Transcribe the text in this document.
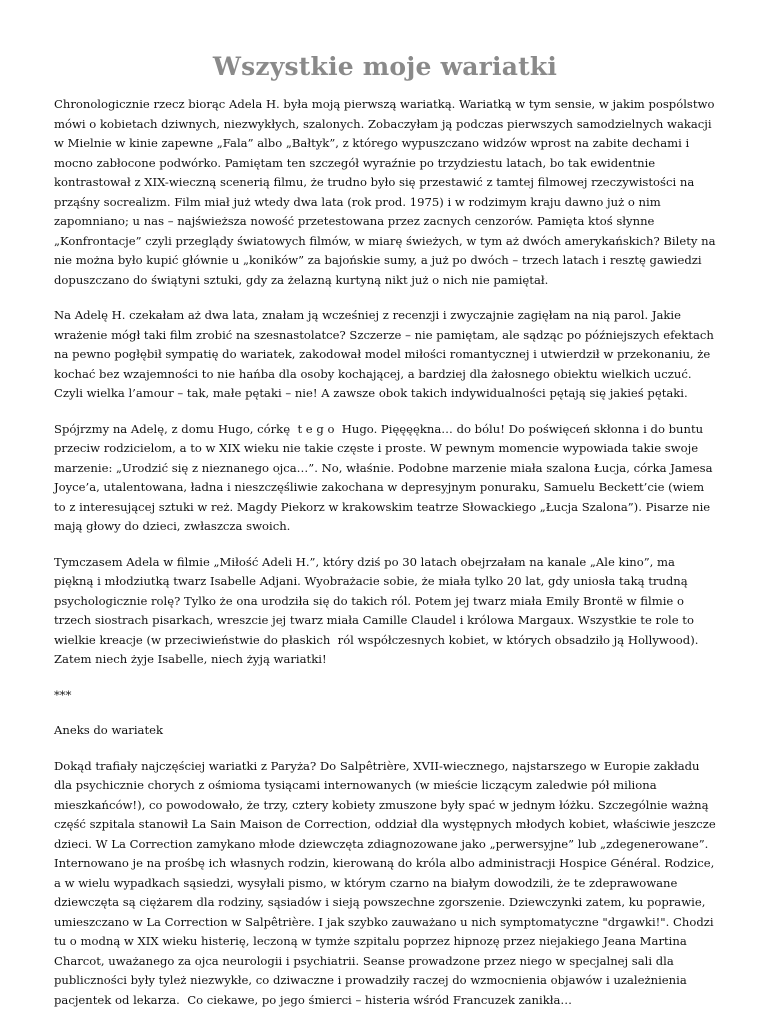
Wszystkie moje wariatki

Chronologicznie rzecz biorąc Adela H. była moją pierwszą wariatką. Wariatką w tym sensie, w jakim pospólstwo mówi o kobietach dziwnych, niezwykłych, szalonych. Zobaczyłam ją podczas pierwszych samodzielnych wakacji w Mielnie w kinie zapewne „Fala” albo „Bałtyk”, z którego wypuszczano widzów wprost na zabite dechami i mocno zabłocone podwórko. Pamiętam ten szczegół wyraźnie po trzydziestu latach, bo tak ewidentnie kontrastował z XIX-wieczną scenerią filmu, że trudno było się przestawić z tamtej filmowej rzeczywistości na prząśny socrealizm. Film miał już wtedy dwa lata (rok prod. 1975) i w rodzimym kraju dawno już o nim zapomniano; u nas – najświeższa nowość przetestowana przez zacnych cenzorów. Pamięta ktoś słynne „Konfrontacje” czyli przeglądy światowych filmów, w miarę świeżych, w tym aż dwóch amerykańskich? Bilety na nie można było kupić głównie u „koników” za bajońskie sumy, a już po dwóch – trzech latach i resztę gawiedzi dopuszczano do świątyni sztuki, gdy za żelazną kurtyną nikt już o nich nie pamiętał.

Na Adelę H. czekałam aż dwa lata, znałam ją wcześniej z recenzji i zwyczajnie zagięłam na nią parol. Jakie wrażenie mógł taki film zrobić na szesnastolatce? Szczerze – nie pamiętam, ale sądząc po późniejszych efektach na pewno pogłębił sympatię do wariatek, zakodował model miłości romantycznej i utwierdził w przekonaniu, że kochać bez wzajemności to nie hańba dla osoby kochającej, a bardziej dla żałosnego obiektu wielkich uczuć. Czyli wielka l’amour – tak, małe pętaki – nie! A zawsze obok takich indywidualności pętają się jakieś pętaki.

Spójrzmy na Adelę, z domu Hugo, córkę  t e g o  Hugo. Pięęęękna… do bólu! Do poświęceń skłonna i do buntu przeciw rodzicielom, a to w XIX wieku nie takie częste i proste. W pewnym momencie wypowiada takie swoje marzenie: „Urodzić się z nieznanego ojca…”. No, właśnie. Podobne marzenie miała szalona Łucja, córka Jamesa Joyce’a, utalentowana, ładna i nieszczęśliwie zakochana w depresyjnym ponuraku, Samuelu Beckett’cie (wiem to z interesującej sztuki w reż. Magdy Piekorz w krakowskim teatrze Słowackiego „Łucja Szalona”). Pisarze nie mają głowy do dzieci, zwłaszcza swoich.

Tymczasem Adela w filmie „Miłość Adeli H.”, który dziś po 30 latach obejrzałam na kanale „Ale kino”, ma piękną i młodziutką twarz Isabelle Adjani. Wyobrażacie sobie, że miała tylko 20 lat, gdy uniosła taką trudną psychologicznie rolę? Tylko że ona urodziła się do takich ról. Potem jej twarz miała Emily Brontë w filmie o trzech siostrach pisarkach, wreszcie jej twarz miała Camille Claudel i królowa Margaux. Wszystkie te role to wielkie kreacje (w przeciwieństwie do płaskich  ról współczesnych kobiet, w których obsadziło ją Hollywood). Zatem niech żyje Isabelle, niech żyją wariatki!

***
Aneks do wariatek

Dokąd trafiały najczęściej wariatki z Paryża? Do Salpêtrière, XVII-wiecznego, najstarszego w Europie zakładu dla psychicznie chorych z ośmioma tysiącami internowanych (w mieście liczącym zaledwie pół miliona mieszkańców!), co powodowało, że trzy, cztery kobiety zmuszone były spać w jednym łóżku. Szczególnie ważną część szpitala stanowił La Sain Maison de Correction, oddział dla występnych młodych kobiet, właściwie jeszcze dzieci. W La Correction zamykano młode dziewczęta zdiagnozowane jako „perwersyjne” lub „zdegenerowane”. Internowano je na prośbę ich własnych rodzin, kierowaną do króla albo administracji Hospice Général. Rodzice, a w wielu wypadkach sąsiedzi, wysyłali pismo, w którym czarno na białym dowodzili, że te zdeprawowane dziewczęta są ciężarem dla rodziny, sąsiadów i sieją powszechne zgorszenie. Dziewczynki zatem, ku poprawie, umieszczano w La Correction w Salpêtrière. I jak szybko zauważano u nich symptomatyczne "drgawki!". Chodzi tu o modną w XIX wieku histerię, leczoną w tymże szpitalu poprzez hipnozę przez niejakiego Jeana Martina Charcot, uważanego za ojca neurologii i psychiatrii. Seanse prowadzone przez niego w specjalnej sali dla publiczności były tyleż niezwykłe, co dziwaczne i prowadziły raczej do wzmocnienia objawów i uzależnienia pacjentek od lekarza.  Co ciekawe, po jego śmierci – histeria wśród Francuzek zanikła…
